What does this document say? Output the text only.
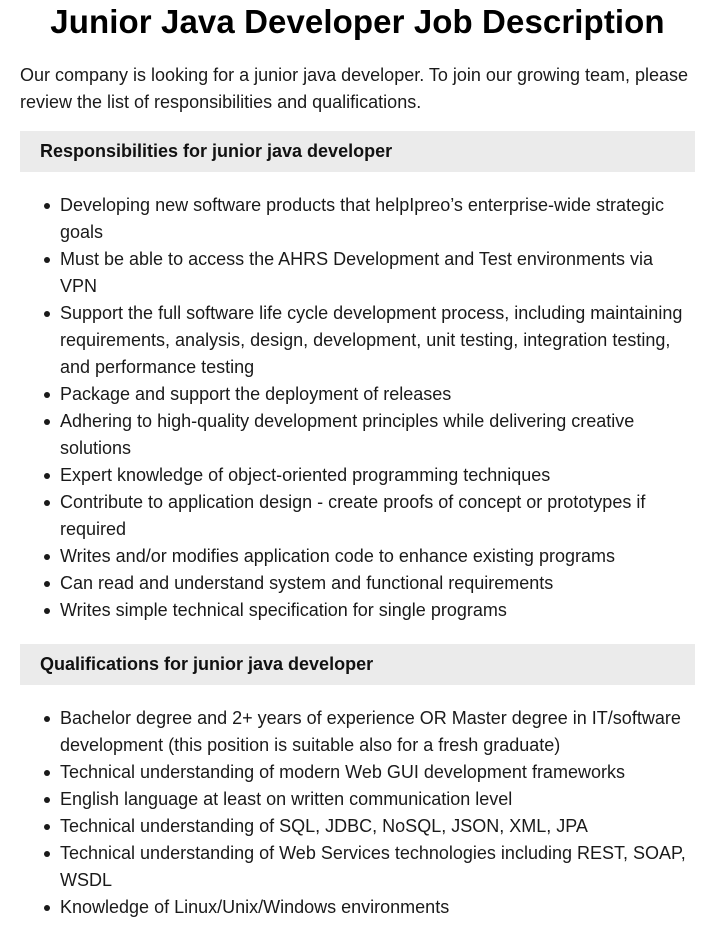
Junior Java Developer Job Description

Our company is looking for a junior java developer. To join our growing team, please review the list of responsibilities and qualifications.

Responsibilities for junior java developer
Developing new software products that helpIpreo’s enterprise-wide strategic goals
Must be able to access the AHRS Development and Test environments via VPN
Support the full software life cycle development process, including maintaining requirements, analysis, design, development, unit testing, integration testing, and performance testing
Package and support the deployment of releases
Adhering to high-quality development principles while delivering creative solutions
Expert knowledge of object-oriented programming techniques
Contribute to application design - create proofs of concept or prototypes if required
Writes and/or modifies application code to enhance existing programs
Can read and understand system and functional requirements
Writes simple technical specification for single programs
Qualifications for junior java developer
Bachelor degree and 2+ years of experience OR Master degree in IT/software development (this position is suitable also for a fresh graduate)
Technical understanding of modern Web GUI development frameworks
English language at least on written communication level
Technical understanding of SQL, JDBC, NoSQL, JSON, XML, JPA
Technical understanding of Web Services technologies including REST, SOAP, WSDL
Knowledge of Linux/Unix/Windows environments
